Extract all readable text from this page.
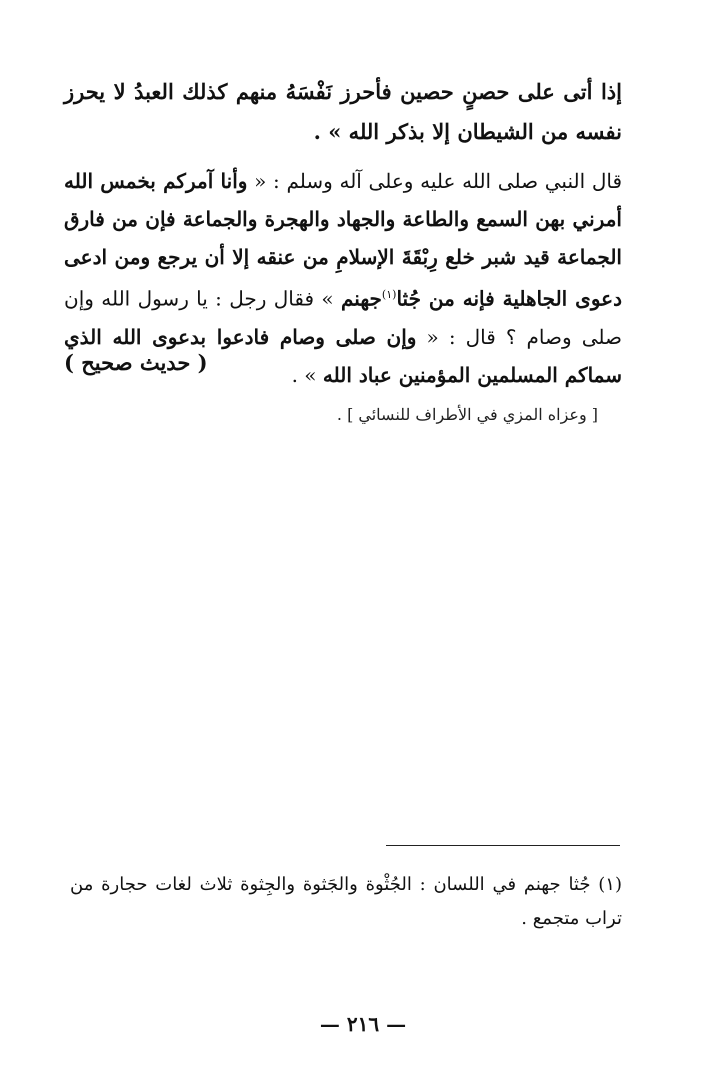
إذا أتى على حصنٍ حصين فأحرز نَفْسَهُ منهم كذلك العبدُ لا يحرز نفسه من الشيطان إلا بذكر الله » .
قال النبي صلى الله عليه وعلى آله وسلم : « وأنا آمركم بخمس الله أمرني بهن السمع والطاعة والجهاد والهجرة والجماعة فإن من فارق الجماعة قيد شبر خلع رِبْقَةَ الإسلامِ من عنقه إلا أن يرجع ومن ادعى دعوى الجاهلية فإنه من جُثا$^{(١)}$جهنم » فقال رجل : يا رسول الله وإن صلى وصام ؟ قال : « وإن صلى وصام فادعوا بدعوى الله الذي سماكم المسلمين المؤمنين عباد الله » .
( حديث صحيح )
[ وعزاه المزي في الأطراف للنسائي ] .
(١) جُثا جهنم في اللسان : الجُثْوة والجَثوة والجِثوة ثلاث لغات حجارة من تراب متجمع .
— ٢١٦ —
